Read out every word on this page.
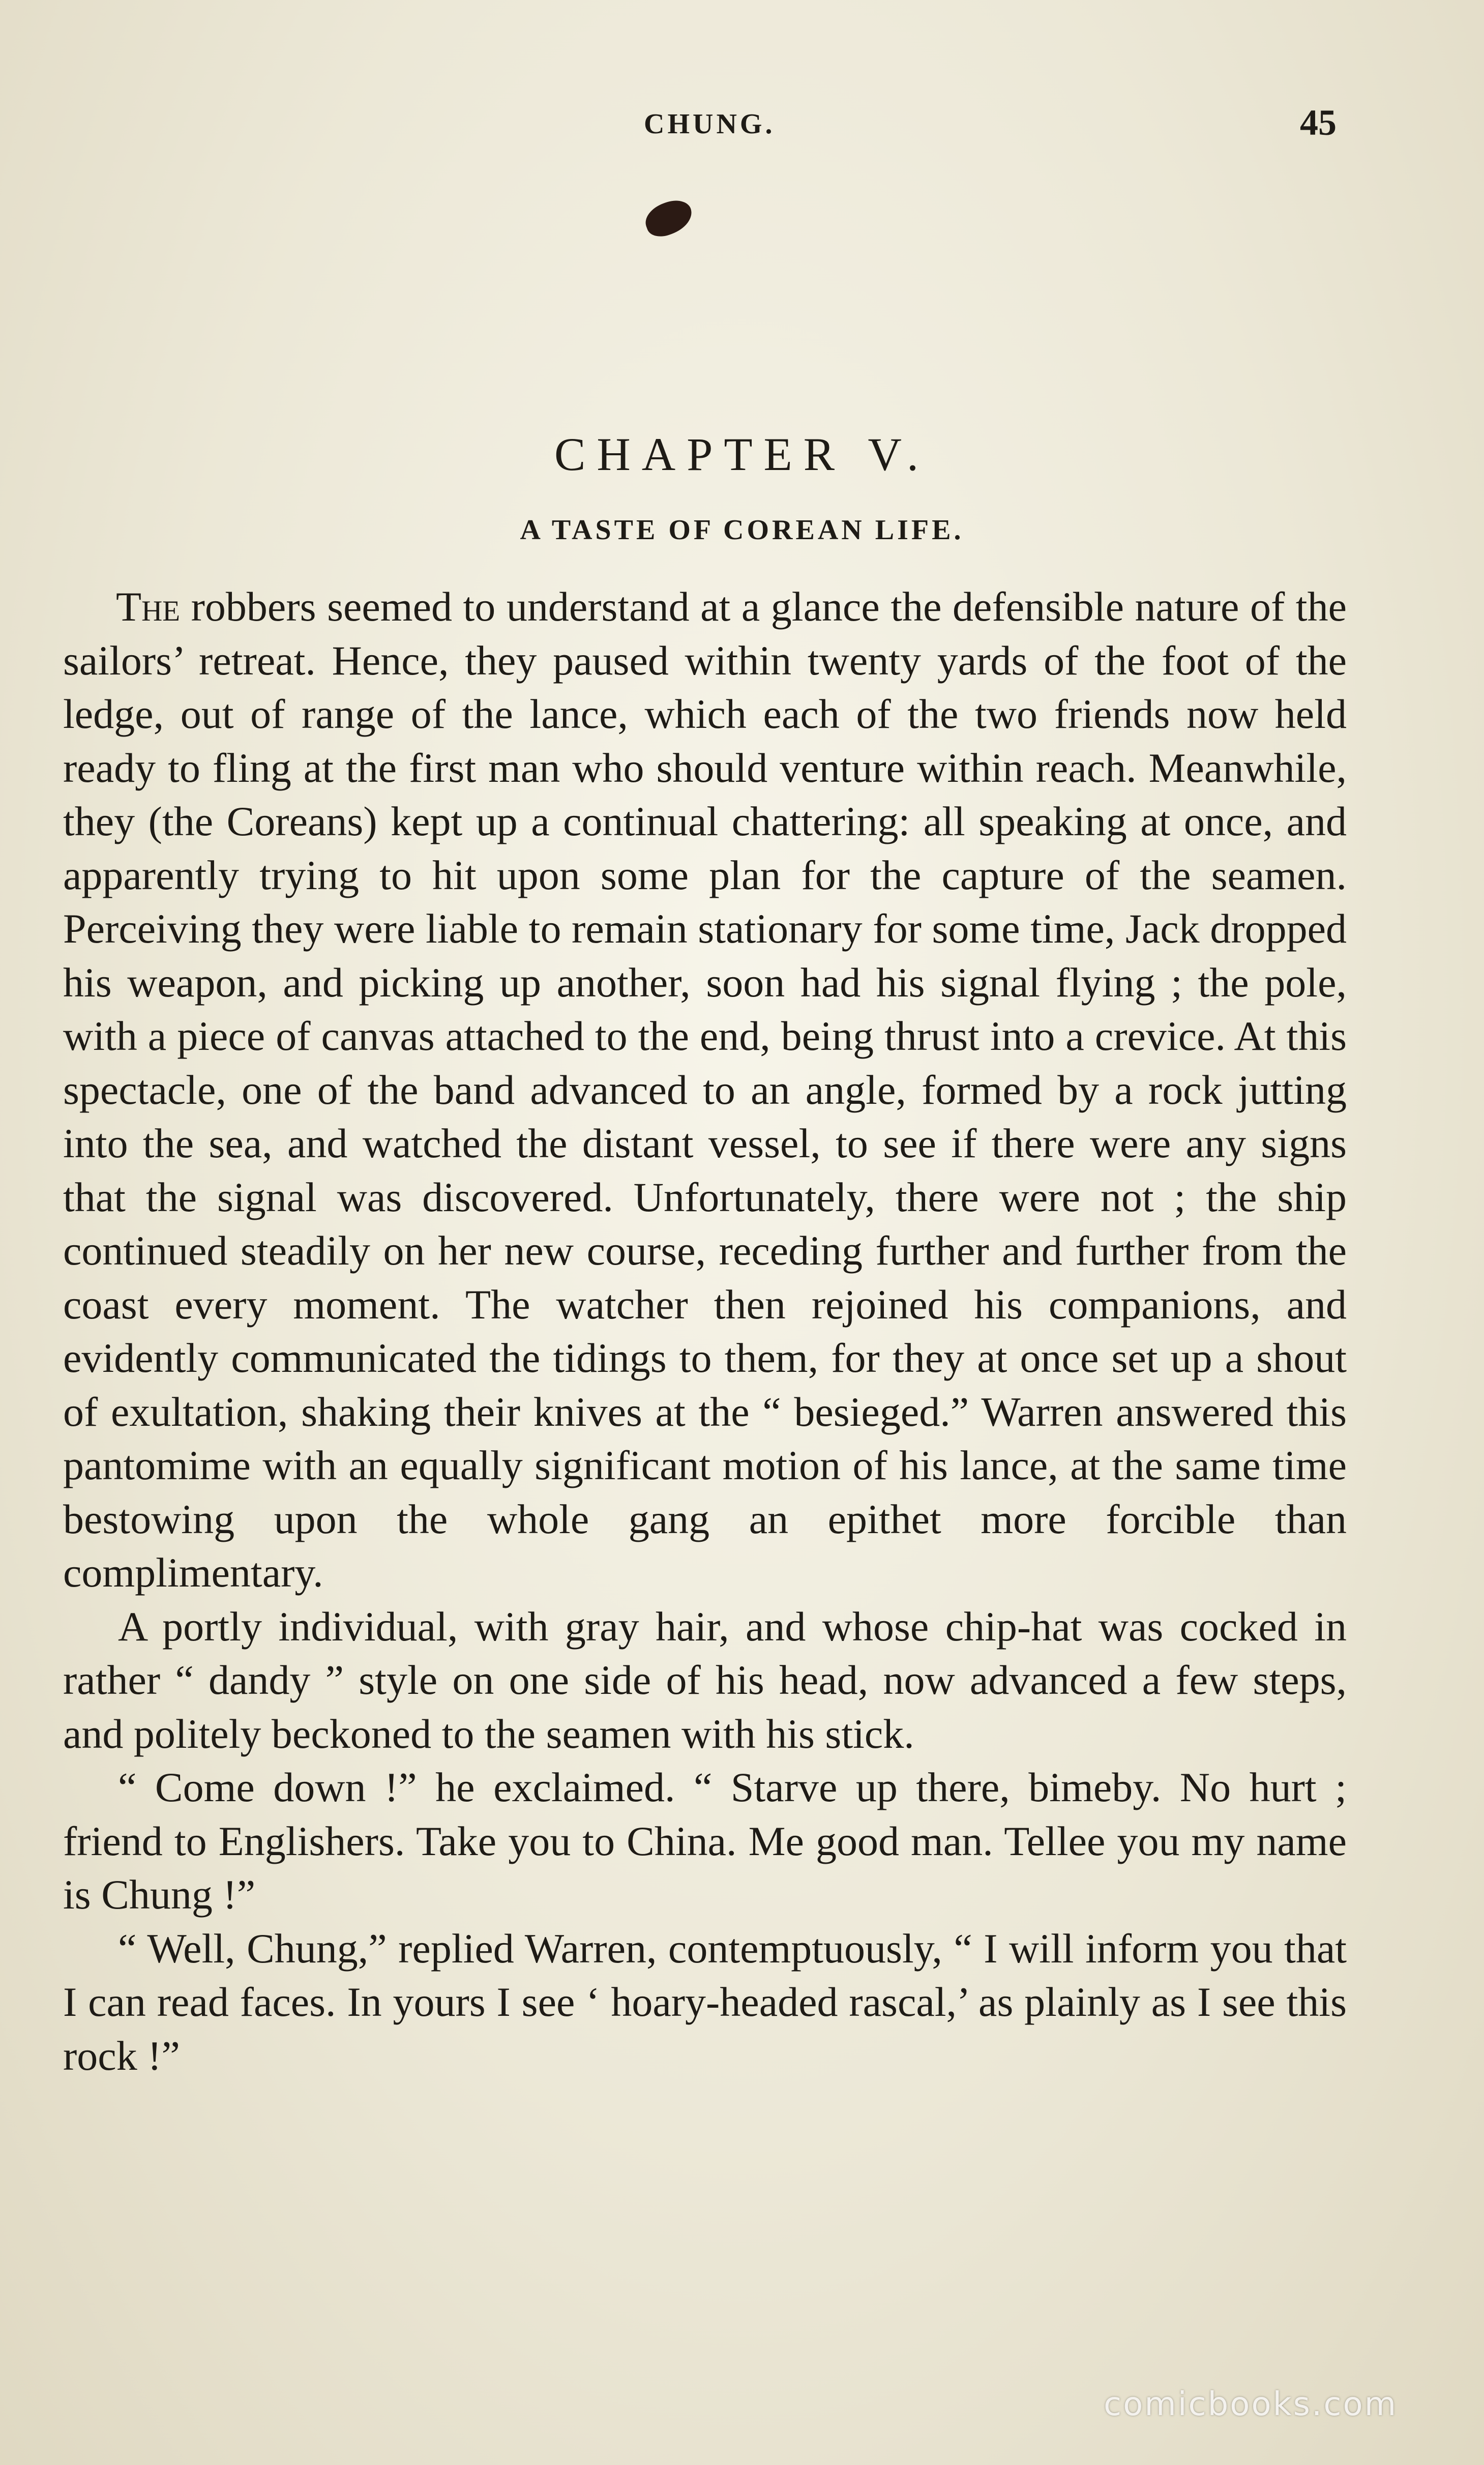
CHUNG.	45
CHAPTER V.
A TASTE OF COREAN LIFE.

The robbers seemed to understand at a glance the defensible nature of the sailors’ retreat. Hence, they paused within twenty yards of the foot of the ledge, out of range of the lance, which each of the two friends now held ready to fling at the first man who should venture within reach. Meanwhile, they (the Coreans) kept up a continual chattering: all speaking at once, and apparently trying to hit upon some plan for the capture of the seamen. Perceiving they were liable to remain stationary for some time, Jack dropped his weapon, and picking up another, soon had his signal flying ; the pole, with a piece of canvas attached to the end, being thrust into a crevice. At this spectacle, one of the band advanced to an angle, formed by a rock jutting into the sea, and watched the distant vessel, to see if there were any signs that the signal was discovered. Unfortunately, there were not ; the ship continued steadily on her new course, receding further and further from the coast every moment. The watcher then rejoined his companions, and evidently communicated the tidings to them, for they at once set up a shout of exultation, shaking their knives at the “ besieged.” Warren answered this pantomime with an equally significant motion of his lance, at the same time bestowing upon the whole gang an epithet more forcible than complimentary.

A portly individual, with gray hair, and whose chip-hat was cocked in rather “ dandy ” style on one side of his head, now advanced a few steps, and politely beckoned to the seamen with his stick.

“ Come down !” he exclaimed. “ Starve up there, bimeby. No hurt ; friend to Englishers. Take you to China. Me good man. Tellee you my name is Chung !”

“ Well, Chung,” replied Warren, contemptuously, “ I will inform you that I can read faces. In yours I see ‘ hoary-headed rascal,’ as plainly as I see this rock !”

comicbooks.com
